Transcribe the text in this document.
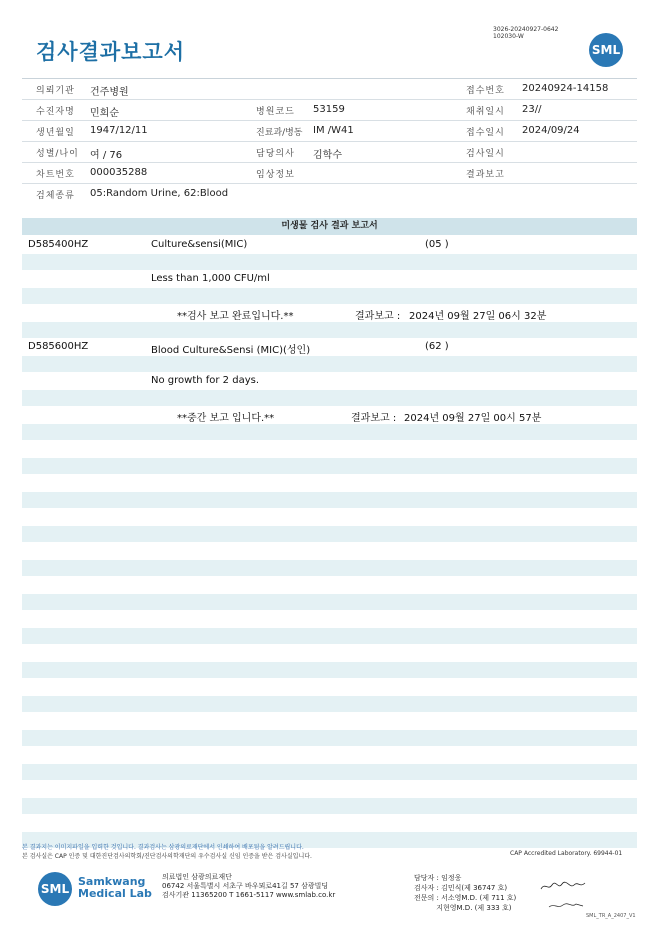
검사결과보고서
3026-20240927-0642
102030-W
SML
의뢰기관 건주병원	접수번호 20240924-14158
수진자명 민희순	병원코드 53159	채취일시 23//
생년월일 1947/12/11	진료과/병동 IM /W41	접수일시 2024/09/24
성별/나이 여 / 76	담당의사 김학수	검사일시
차트번호 000035288	임상정보	결과보고
검체종류 05:Random Urine, 62:Blood
미생물 검사 결과 보고서
D585400HZ	Culture&sensi(MIC)	(05 )
Less than 1,000 CFU/ml
**검사 보고 완료입니다.**	결과보고 : 2024년 09월 27일 06시 32분
D585600HZ	Blood Culture&Sensi (MIC)(성인)	(62 )
No growth for 2 days.
**중간 보고 입니다.**	결과보고 : 2024년 09월 27일 00시 57분
본 결과지는 이미지파일을 입력한 것입니다. 결과검사는 삼광의료재단에서 인쇄하여 배포됨을 알려드립니다.
본 검사실은 CAP 인증 및 대한진단검사의학회/진단검사의학재단의 우수검사실 신임 인증을 받은 검사실입니다.	CAP Accredited Laboratory. 69944-01
SML
Samkwang
Medical Lab
의료법인 삼광의료재단
06742 서울특별시 서초구 바우뫼로41길 57 삼광빌딩
검사기관 11365200 T 1661-5117 www.smlab.co.kr
담당자 : 임정웅
검사자 : 김민식(제 36747 호)
전문의 : 서소영M.D. (제 711 호)
지현영M.D. (제 333 호)
SML_TR_A_2407_V1
